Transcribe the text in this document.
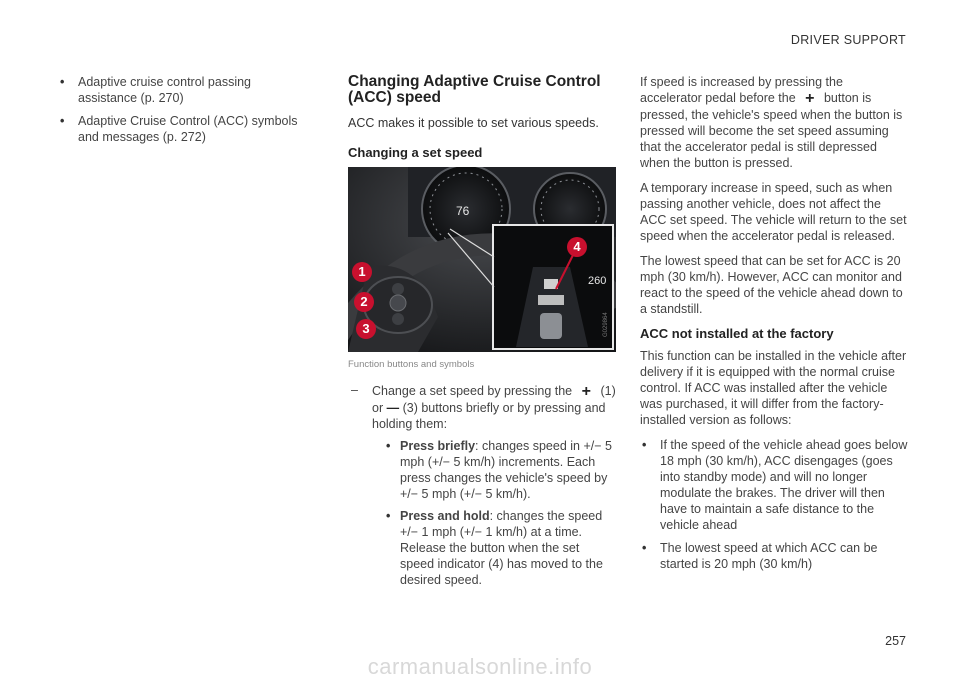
DRIVER SUPPORT
• Adaptive cruise control passing assistance (p. 270)
• Adaptive Cruise Control (ACC) symbols and messages (p. 272)
Changing Adaptive Cruise Control (ACC) speed

ACC makes it possible to set various speeds.

Changing a set speed
76
260
G029864
1
2
3
4
Function buttons and symbols
– Change a set speed by pressing the + (1) or — (3) buttons briefly or by pressing and holding them:
• Press briefly: changes speed in +/− 5 mph (+/− 5 km/h) increments. Each press changes the vehicle's speed by +/− 5 mph (+/− 5 km/h).
• Press and hold: changes the speed +/− 1 mph (+/− 1 km/h) at a time. Release the button when the set speed indicator (4) has moved to the desired speed.

If speed is increased by pressing the accelerator pedal before the + button is pressed, the vehicle's speed when the button is pressed will become the set speed assuming that the accelerator pedal is still depressed when the button is pressed.

A temporary increase in speed, such as when passing another vehicle, does not affect the ACC set speed. The vehicle will return to the set speed when the accelerator pedal is released.

The lowest speed that can be set for ACC is 20 mph (30 km/h). However, ACC can monitor and react to the speed of the vehicle ahead down to a standstill.

ACC not installed at the factory

This function can be installed in the vehicle after delivery if it is equipped with the normal cruise control. If ACC was installed after the vehicle was purchased, it will differ from the factory-installed version as follows:

• If the speed of the vehicle ahead goes below 18 mph (30 km/h), ACC disengages (goes into standby mode) and will no longer modulate the brakes. The driver will then have to maintain a safe distance to the vehicle ahead
• The lowest speed at which ACC can be started is 20 mph (30 km/h)
257
carmanualsonline.info
